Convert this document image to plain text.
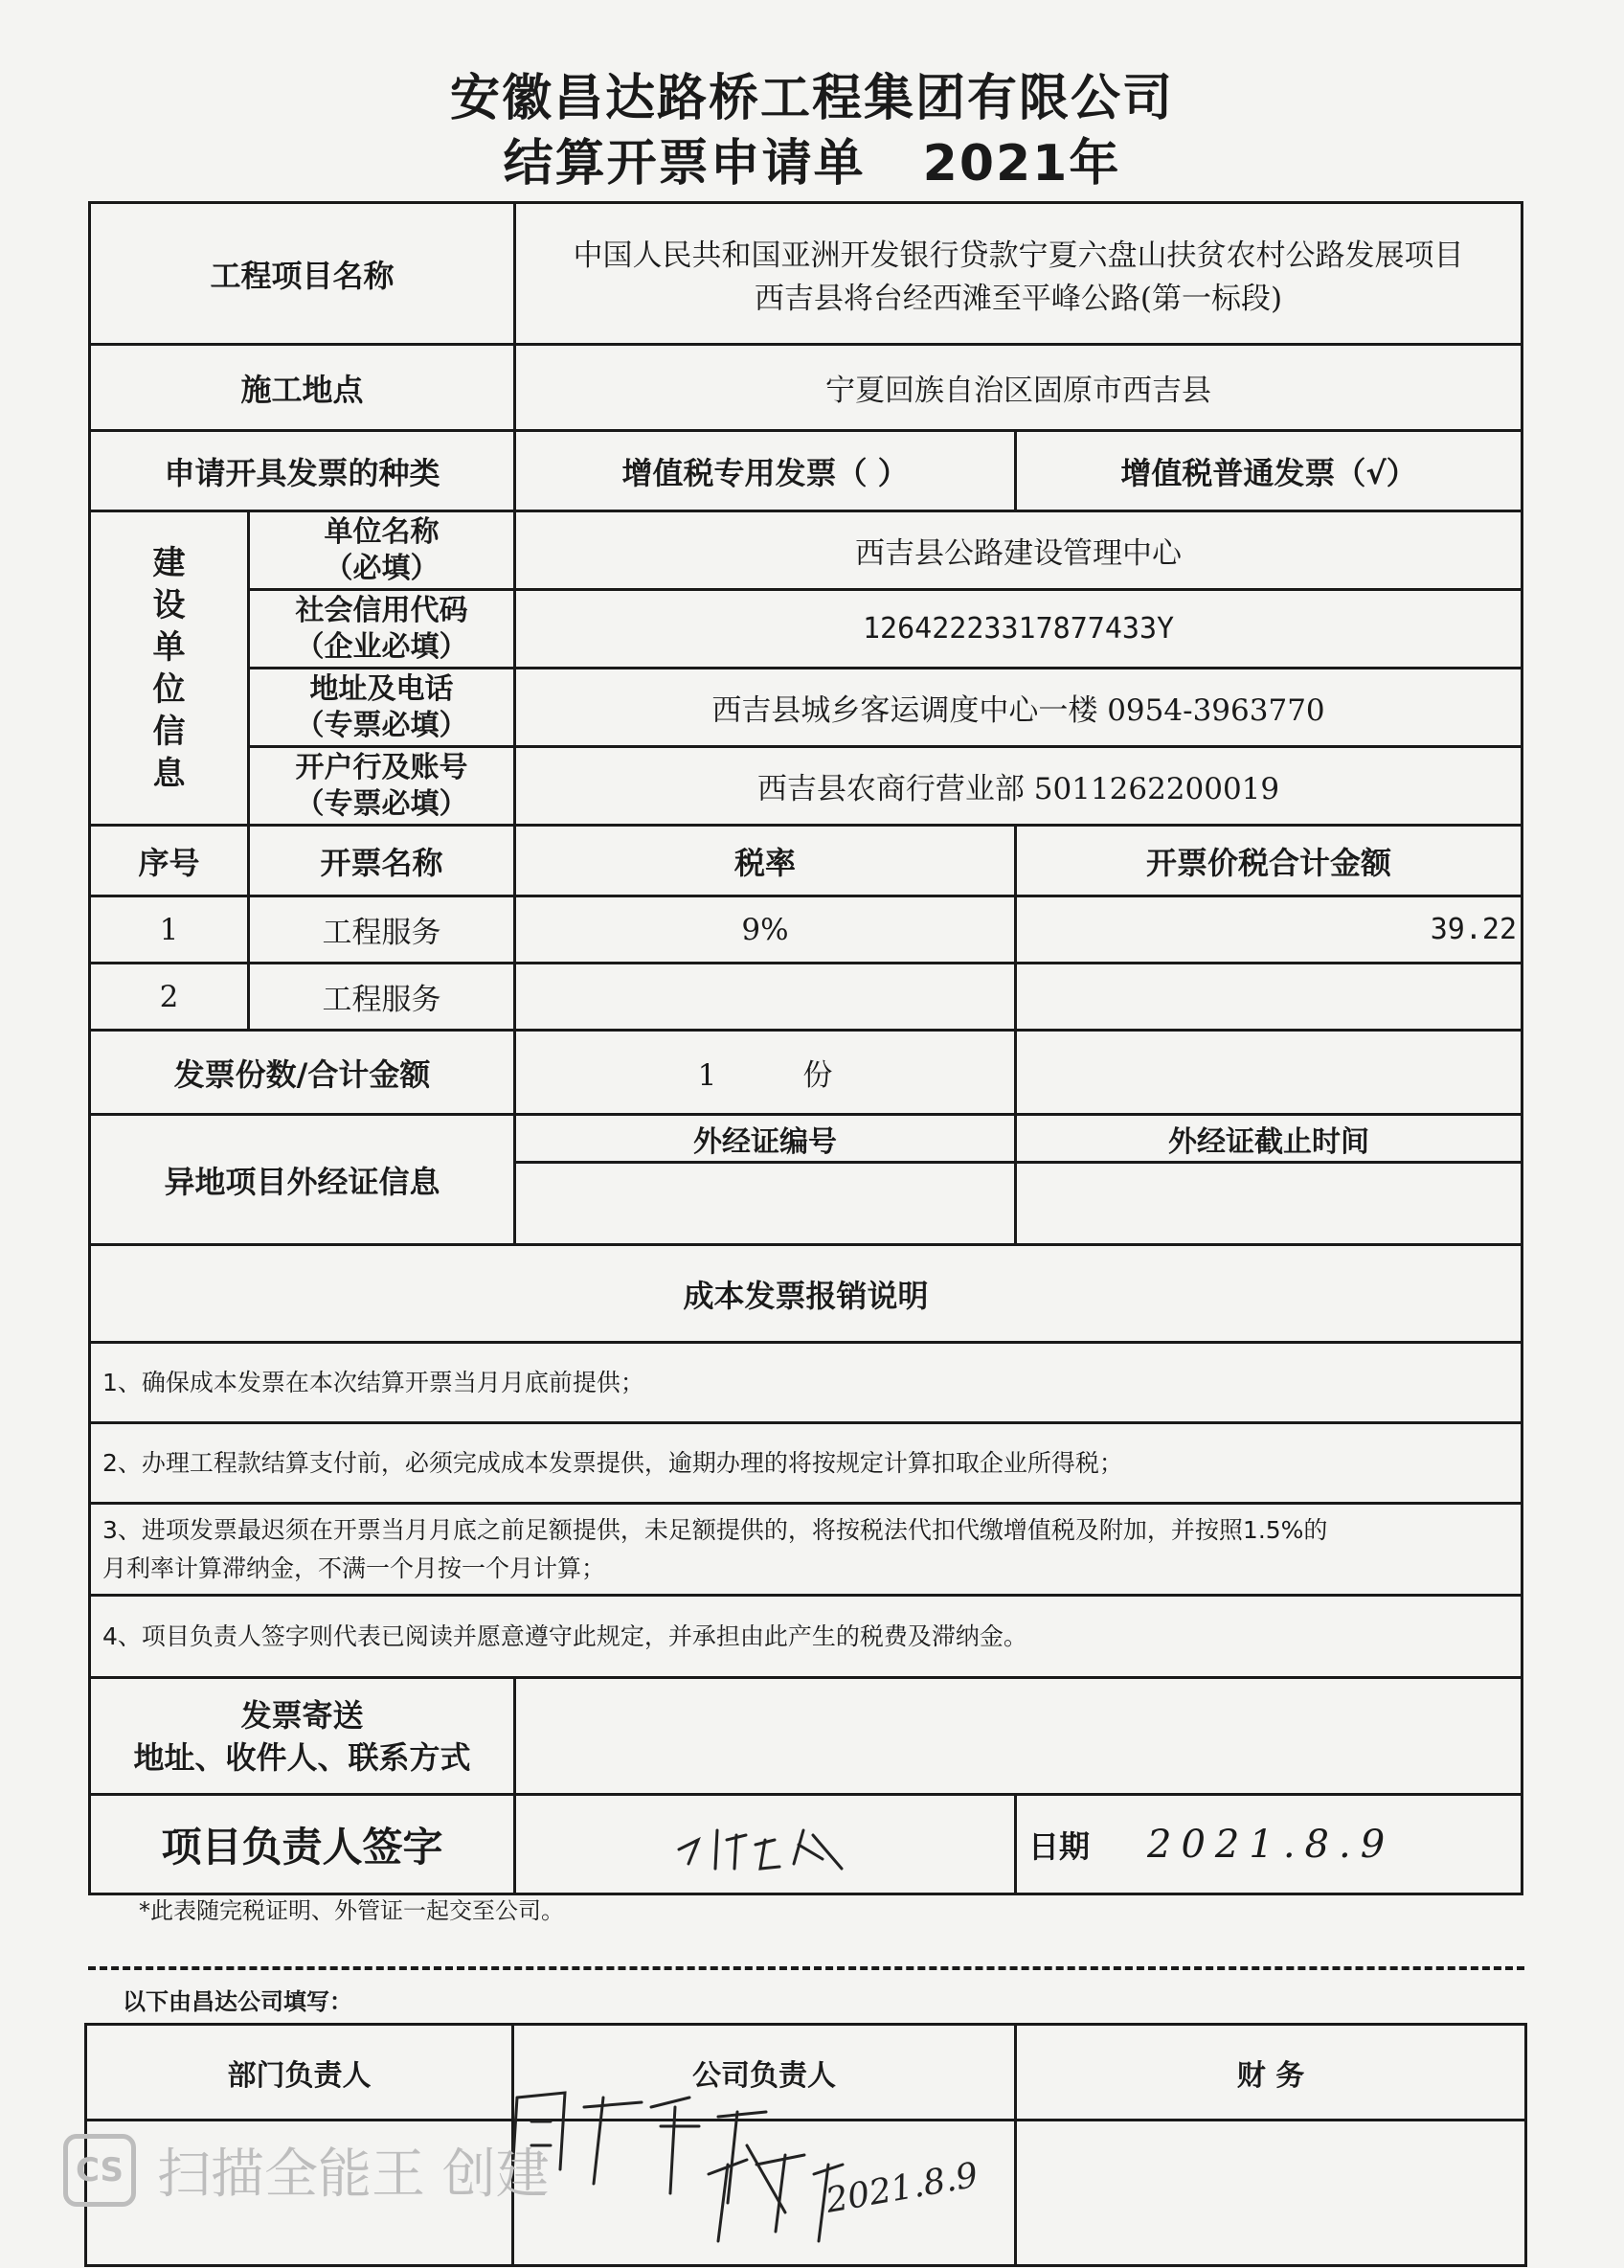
安徽昌达路桥工程集团有限公司
结算开票申请单 2021年
工程项目名称		中国人民共和国亚洲开发银行贷款宁夏六盘山扶贫农村公路发展项目
西吉县将台经西滩至平峰公路(第一标段)	

施工地点		宁夏回族自治区固原市西吉县	
申请开具发票的种类		增值税专用发票（ ）	增值税普通发票（√）

建设单位信息	单位名称
（必填）	西吉县公路建设管理中心	

	社会信用代码
（企业必填）	12642223317877433Y	

	地址及电话
（专票必填）	西吉县城乡客运调度中心一楼 0954-3963770	

	开户行及账号
（专票必填）	西吉县农商行营业部 5011262200019	
序号	开票名称	税率	开票价税合计金额
1	工程服务	9%	39.22
2	工程服务		
发票份数/合计金额		1 份	
异地项目外经证信息		外经证编号	外经证截止时间

成本发票报销说明			
1、确保成本发票在本次结算开票当月月底前提供；			
2、办理工程款结算支付前，必须完成成本发票提供，逾期办理的将按规定计算扣取企业所得税；			

3、进项发票最迟须在开票当月月底之前足额提供，未足额提供的，将按税法代扣代缴增值税及附加，并按照1.5%的
月利率计算滞纳金，不满一个月按一个月计算；			

4、项目负责人签字则代表已阅读并愿意遵守此规定，并承担由此产生的税费及滞纳金。			

发票寄送
地址、收件人、联系方式			

项目负责人签字			日期 2021.8.9
*此表随完税证明、外管证一起交至公司。
以下由昌达公司填写：
部门负责人	公司负责人	财 务

2021.8.9
CS 扫描全能王 创建
